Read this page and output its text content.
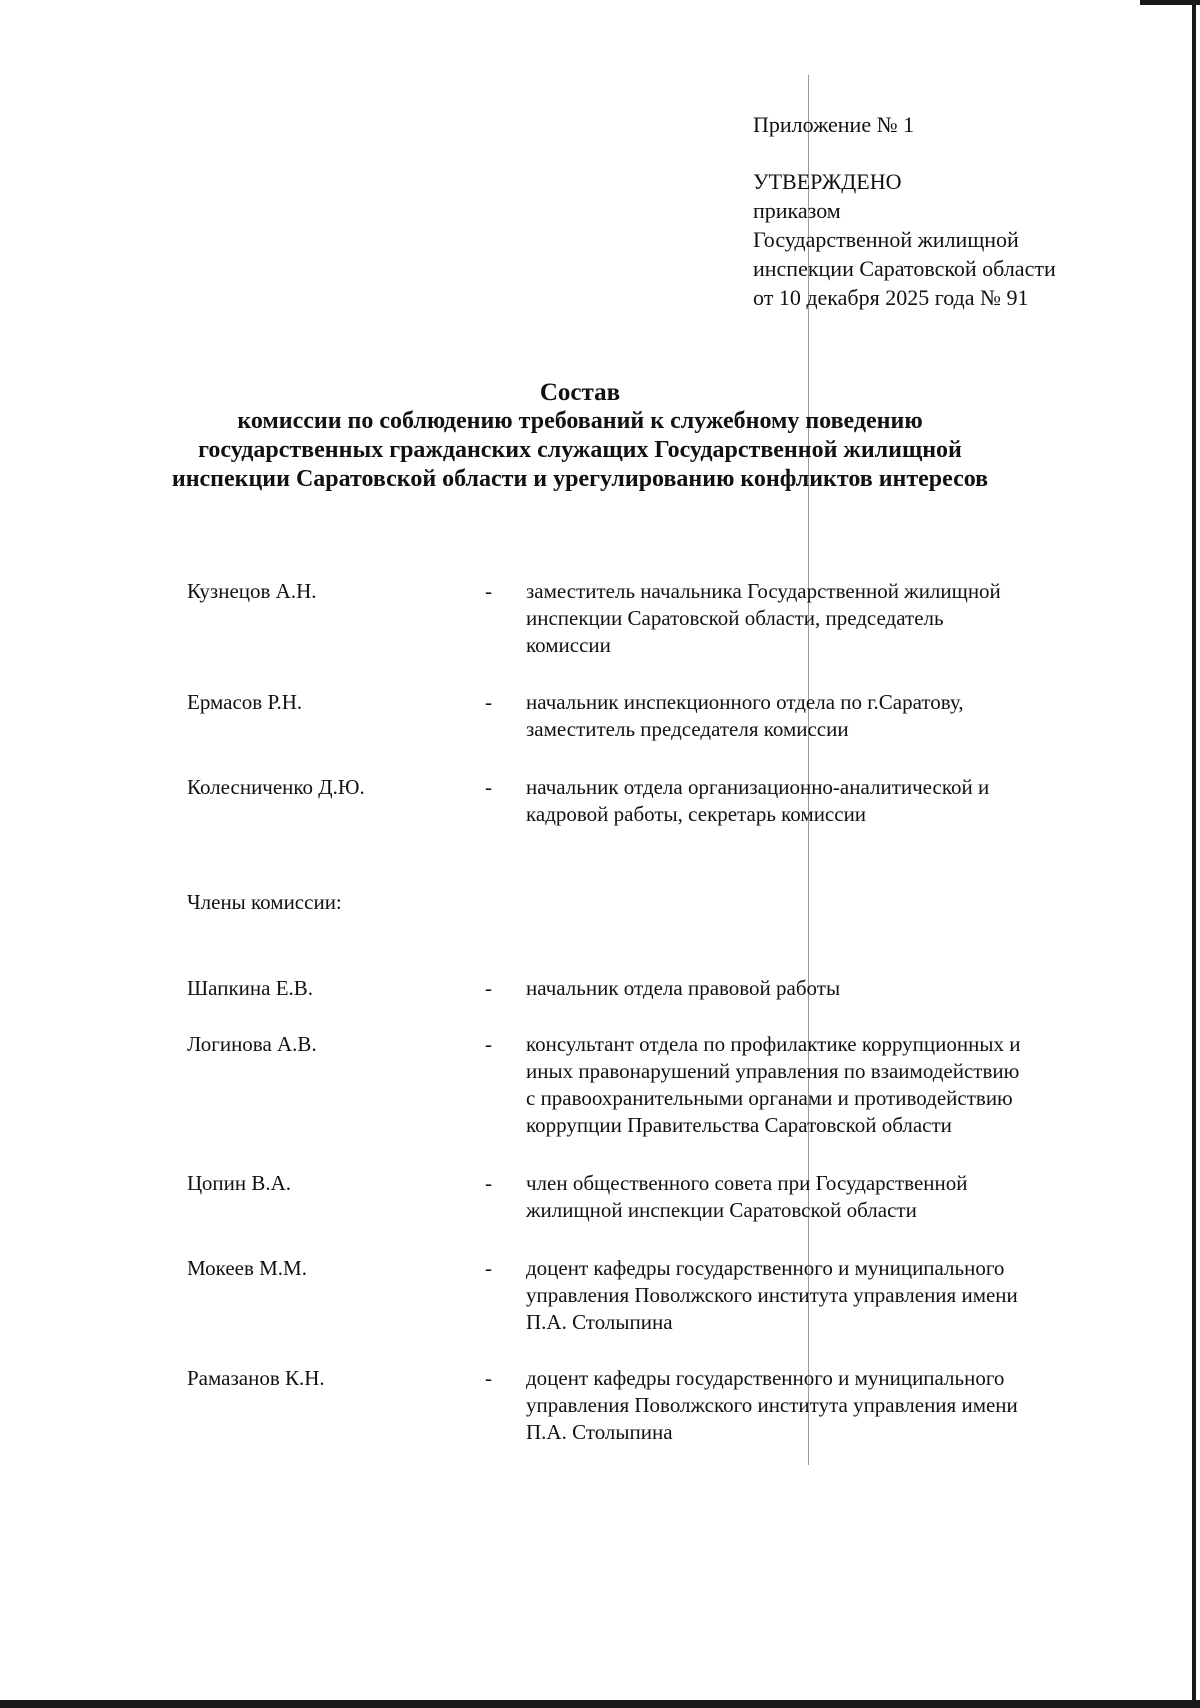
Приложение № 1
УТВЕРЖДЕНО
приказом
Государственной жилищной
инспекции Саратовской области
от 10 декабря 2025 года № 91
Состав
комиссии по соблюдению требований к служебному поведению государственных гражданских служащих Государственной жилищной инспекции Саратовской области и урегулированию конфликтов интересов
Кузнецов А.Н.	-	заместитель начальника Государственной жилищной
инспекции Саратовской области, председатель
комиссии
Ермасов Р.Н.	-	начальник инспекционного отдела по г.Саратову,
заместитель председателя комиссии
Колесниченко Д.Ю.	-	начальник отдела организационно-аналитической и
кадровой работы, секретарь комиссии
Члены комиссии:
Шапкина Е.В.	-	начальник отдела правовой работы
Логинова А.В.	-	консультант отдела по профилактике коррупционных и
иных правонарушений управления по взаимодействию
с правоохранительными органами и противодействию
коррупции Правительства Саратовской области
Цопин В.А.	-	член общественного совета при Государственной
жилищной инспекции Саратовской области
Мокеев М.М.	-	доцент кафедры государственного и муниципального
управления Поволжского института управления имени
П.А. Столыпина
Рамазанов К.Н.	-	доцент кафедры государственного и муниципального
управления Поволжского института управления имени
П.А. Столыпина
